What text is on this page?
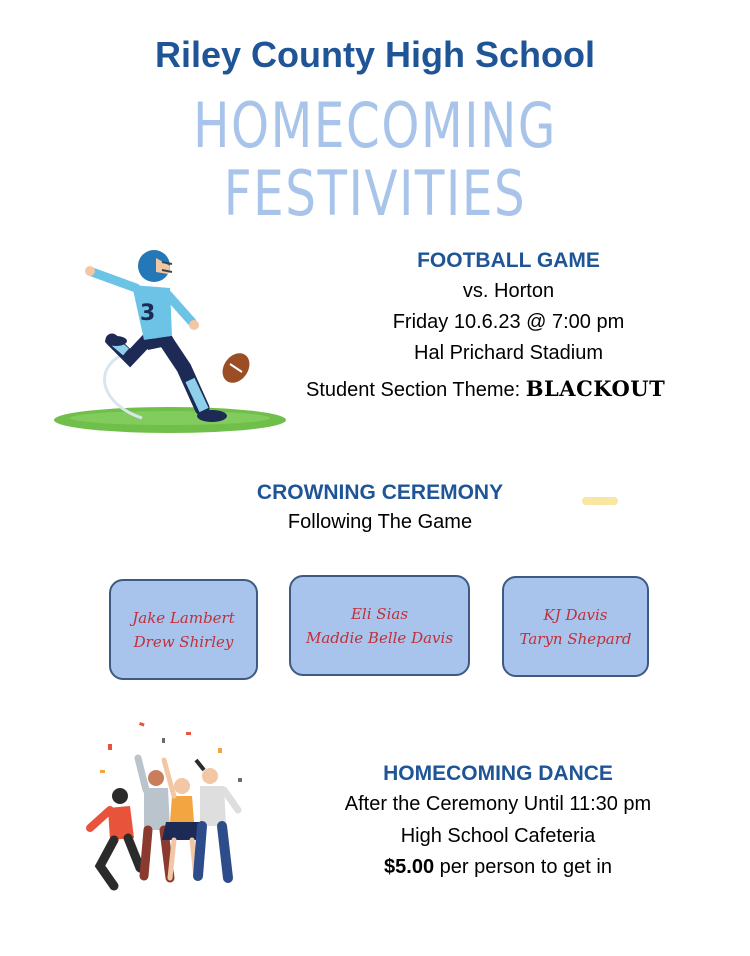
Riley County High School
HOMECOMING FESTIVITIES
3
FOOTBALL GAME
vs. Horton
Friday 10.6.23 @ 7:00 pm
Hal Prichard Stadium
Student Section Theme: BLACKOUT
CROWNING CEREMONY
Following The Game
Jake Lambert
Drew Shirley
Eli Sias
Maddie Belle Davis
KJ Davis
Taryn Shepard
HOMECOMING DANCE
After the Ceremony Until 11:30 pm
High School Cafeteria
$5.00 per person to get in
